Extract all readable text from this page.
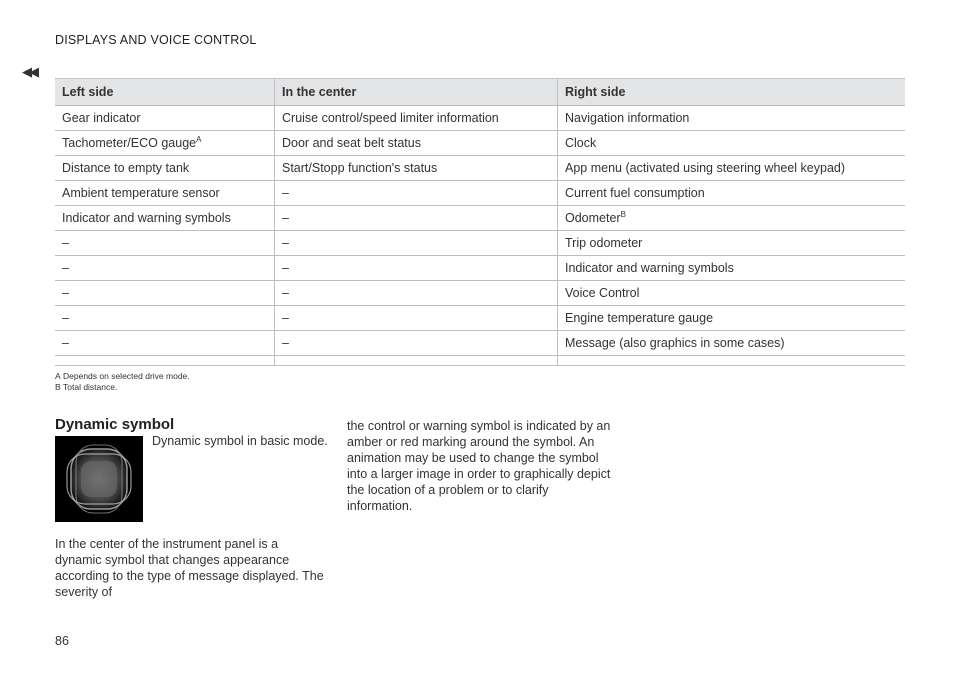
DISPLAYS AND VOICE CONTROL
◀◀
Left side	In the center	Right side
Gear indicator	Cruise control/speed limiter information	Navigation information
Tachometer/ECO gauge$^A$	Door and seat belt status	Clock
Distance to empty tank	Start/Stopp function's status	App menu (activated using steering wheel keypad)
Ambient temperature sensor	–	Current fuel consumption
Indicator and warning symbols	–	Odometer$^B$
–	–	Trip odometer
–	–	Indicator and warning symbols
–	–	Voice Control
–	–	Engine temperature gauge
–	–	Message (also graphics in some cases)

A Depends on selected drive mode.
B Total distance.
Dynamic symbol
Dynamic symbol in basic mode.
In the center of the instrument panel is a dynamic symbol that changes appearance according to the type of message displayed. The severity of
the control or warning symbol is indicated by an amber or red marking around the symbol. An animation may be used to change the symbol into a larger image in order to graphically depict the location of a problem or to clarify information.
86
